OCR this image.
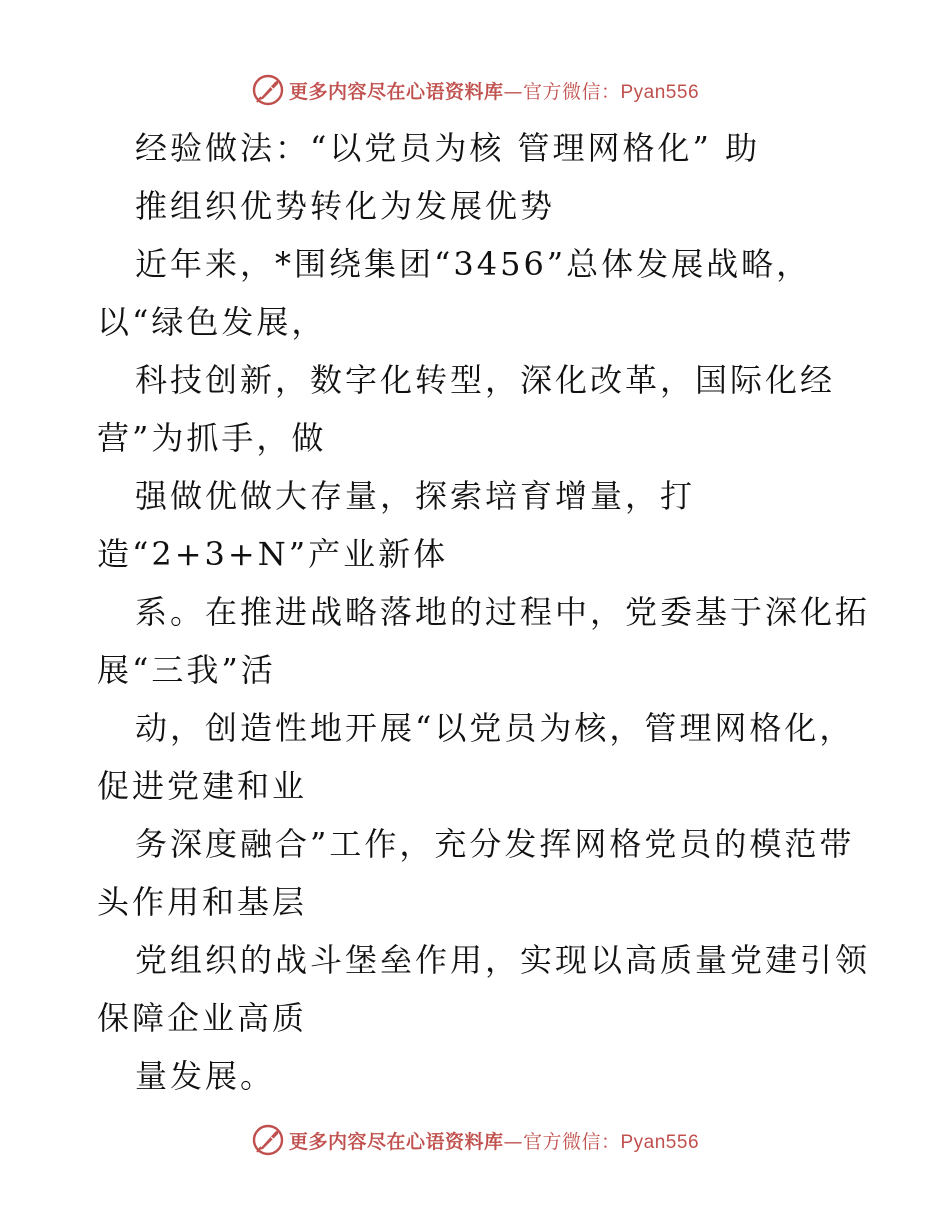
更多内容尽在心语资料库—官方微信：Pyan556
经验做法：“以党员为核 管理网格化” 助
推组织优势转化为发展优势
近年来，*围绕集团“3456”总体发展战略，
以“绿色发展，
科技创新，数字化转型，深化改革，国际化经
营”为抓手，做
强做优做大存量，探索培育增量，打
造“2+3+N”产业新体
系。在推进战略落地的过程中，党委基于深化拓
展“三我”活
动，创造性地开展“以党员为核，管理网格化，
促进党建和业
务深度融合”工作，充分发挥网格党员的模范带
头作用和基层
党组织的战斗堡垒作用，实现以高质量党建引领
保障企业高质
量发展。
更多内容尽在心语资料库—官方微信：Pyan556
